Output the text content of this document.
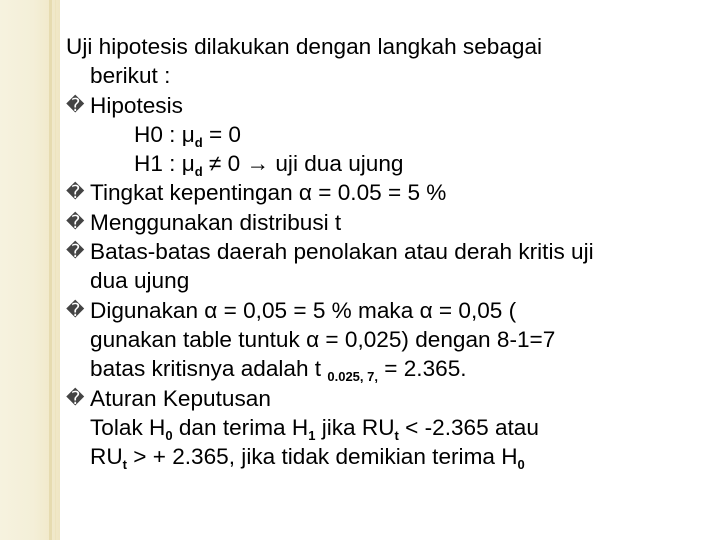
Uji hipotesis dilakukan dengan langkah sebagai
berikut :
� Hipotesis
H0 : $\mu_d = 0$
H1 : $\mu_d \ne 0$ → uji dua ujung
� Tingkat kepentingan α = 0.05 = 5 %
� Menggunakan distribusi t
� Batas-batas daerah penolakan atau derah kritis uji
dua ujung
� Digunakan α = 0,05 = 5 % maka α = 0,05 (
gunakan table tuntuk α = 0,025) dengan 8-1=7
batas kritisnya adalah t $_{0.025, 7,}$ = 2.365.
� Aturan Keputusan
Tolak $H_0$ dan terima $H_1$ jika $RU_t < -2.365$ atau
$RU_t$ > + 2.365, jika tidak demikian terima $H_0$
